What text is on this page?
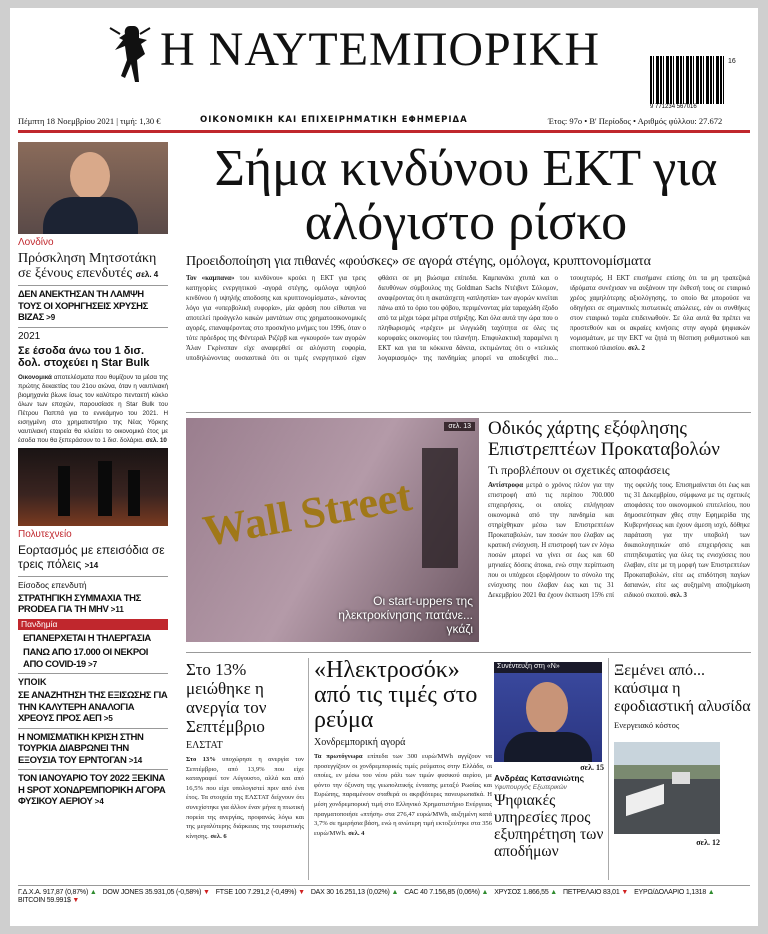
Η ΝΑΥΤΕΜΠΟΡΙΚΗ
9 771234 567016
16
Πέμπτη 18 Νοεμβρίου 2021 | τιμή: 1,30 €	ΟΙΚΟΝΟΜΙΚΗ ΚΑΙ ΕΠΙΧΕΙΡΗΜΑΤΙΚΗ ΕΦΗΜΕΡΙΔΑ	Έτος: 97ο • Β' Περίοδος • Αριθμός φύλλου: 27.672
Λονδίνο
Πρόσκληση Μητσοτάκη σε ξένους επενδυτές σελ. 4
ΔΕΝ ΑΝΕΚΤΗΣΑΝ ΤΗ ΛΑΜΨΗ ΤΟΥΣ ΟΙ ΧΟΡΗΓΗΣΕΙΣ ΧΡΥΣΗΣ ΒΙΖΑΣ >9
2021
Σε έσοδα άνω του 1 δισ. δολ. στοχεύει η Star Bulk
Οικονομικά αποτελέσματα που θυμίζουν τα μέσα της πρώτης δεκαετίας του 21ου αιώνα, όταν η ναυτιλιακή βιομηχανία βίωνε ίσως τον καλύτερο πενταετή κύκλο όλων των εποχών, παρουσίασε η Star Bulk του Πέτρου Παππά για το εννεάμηνο του 2021. Η εισηγμένη στο χρηματιστήριο της Νέας Υόρκης ναυτιλιακή εταιρεία θα κλείσει το οικονομικό έτος με έσοδα που θα ξεπεράσουν το 1 δισ. δολάρια. σελ. 10
Πολυτεχνείο
Εορτασμός με επεισόδια σε τρεις πόλεις >14
Είσοδος επενδυτή
ΣΤΡΑΤΗΓΙΚΗ ΣΥΜΜΑΧΙΑ ΤΗΣ PRODEA ΓΙΑ ΤΗ MHV >11
Πανδημία
ΕΠΑΝΕΡΧΕΤΑΙ Η ΤΗΛΕΡΓΑΣΙΑ
ΠΑΝΩ ΑΠΟ 17.000 ΟΙ ΝΕΚΡΟΙ ΑΠΟ COVID-19 >7
ΥΠΟΙΚ
ΣΕ ΑΝΑΖΗΤΗΣΗ ΤΗΣ ΕΞΙΣΩΣΗΣ ΓΙΑ ΤΗΝ ΚΑΛΥΤΕΡΗ ΑΝΑΛΟΓΙΑ ΧΡΕΟΥΣ ΠΡΟΣ ΑΕΠ >5
Η ΝΟΜΙΣΜΑΤΙΚΗ ΚΡΙΣΗ ΣΤΗΝ ΤΟΥΡΚΙΑ ΔΙΑΒΡΩΝΕΙ ΤΗΝ ΕΞΟΥΣΙΑ ΤΟΥ ΕΡΝΤΟΓΑΝ >14
ΤΟΝ ΙΑΝΟΥΑΡΙΟ ΤΟΥ 2022 ΞΕΚΙΝΑ Η SPOT ΧΟΝΔΡΕΜΠΟΡΙΚΗ ΑΓΟΡΑ ΦΥΣΙΚΟΥ ΑΕΡΙΟΥ >4
Σήμα κινδύνου ΕΚΤ για αλόγιστο ρίσκο
Προειδοποίηση για πιθανές «φούσκες» σε αγορά στέγης, ομόλογα, κρυπτονομίσματα
Τον «καμπανα» του κινδύνου» κρούει η ΕΚΤ για τρεις κατηγορίες ενεργητικού -αγορά στέγης, ομόλογα υψηλού κινδύνου ή υψηλής αποδοσης και κρυπτονομίσματα-, κάνοντας λόγο για «υπερβολική ευφορία», μία φράση που είθισται να αποτελεί προάγγελο κακών μαντάτων στις χρηματοοικονομικές αγορές, επαναφέροντας στο προσκήνιο μνήμες του 1996, όταν ο τότε πρόεδρος της Φέντεραλ Ριζέρβ και «γκουρού» των αγορών Άλαν Γκρίνσπαν είχε αναφερθεί σε αλόγιστη ευφορία, υποδηλώνοντας ουσιαστικά ότι οι τιμές ενεργητικού είχαν φθάσει σε μη βιώσιμα επίπεδα. Καμπανάκι χτυπά και ο διευθύνων σύμβουλος της Goldman Sachs Ντέιβιντ Σόλομον, αναφέροντας ότι η ακατάσχετη «απληστία» των αγορών κινείται πάνω από το όριο του φόβου, περιμένοντας μία ταραχώδη έξοδο από τα μέχρι τώρα μέτρα στήριξης. Και όλα αυτά την ώρα που ο πληθωρισμός «τρέχει» με ιλιγγιώδη ταχύτητα σε όλες τις κορυφαίες οικονομίες του πλανήτη. Επιφυλακτική παραμένει η ΕΚΤ και για τα κόκκινα δάνεια, εκτιμώντας ότι ο «τελικός λογαριασμός» της πανδημίας μπορεί να αποδειχθεί πιο... τσουχτερός. Η ΕΚΤ επισήμανε επίσης ότι τα μη τραπεζικά ιδρύματα συνέχισαν να αυξάνουν την έκθεσή τους σε εταιρικό χρέος χαμηλότερης αξιολόγησης, το οποίο θα μπορούσε να οδηγήσει σε σημαντικές πιστωτικές απώλειες, εάν οι συνθήκες στον εταιρικό τομέα επιδεινωθούν. Σε όλα αυτά θα πρέπει να προστεθούν και οι ακραίες κινήσεις στην αγορά ψηφιακών νομισμάτων, με την ΕΚΤ να ζητά τη θέσπιση ρυθμιστικού και εποπτικού πλαισίου. σελ. 2
Wall Street
σελ. 13
Οι start-uppers της ηλεκτροκίνησης πατάνε... γκάζι
Οδικός χάρτης εξόφλησης Επιστρεπτέων Προκαταβολών
Τι προβλέπουν οι σχετικές αποφάσεις
Αντίστροφα μετρά ο χρόνος πλέον για την επιστροφή από τις περίπου 700.000 επιχειρήσεις, οι οποίες επλήγησαν οικονομικά από την πανδημία και στηρίχθηκαν μέσω των Επιστρεπτέων Προκαταβολών, των ποσών που έλαβαν ως κρατική ενίσχυση. Η επιστροφή των εν λόγω ποσών μπορεί να γίνει σε έως και 60 μηνιαίες δόσεις άτοκα, ενώ στην περίπτωση που οι υπόχρεοι εξοφλήσουν το σύνολο της ενίσχυσης που έλαβαν έως και τις 31 Δεκεμβρίου 2021 θα έχουν έκπτωση 15% επί της οφειλής τους. Επισημαίνεται ότι έως και τις 31 Δεκεμβρίου, σύμφωνα με τις σχετικές αποφάσεις του οικονομικού επιτελείου, που δημοσιεύτηκαν χθες στην Εφημερίδα της Κυβερνήσεως και έχουν άμεση ισχύ, δόθηκε παράταση για την υποβολή των δικαιολογητικών από επιχειρήσεις και επιτηδευματίες για όλες τις ενισχύσεις που έλαβαν, είτε με τη μορφή των Επιστρεπτέων Προκαταβολών, είτε ως επιδότηση παγίων δαπανών, είτε ως αυξημένη αποζημίωση ειδικού σκοπού. σελ. 3
Στο 13% μειώθηκε η ανεργία τον Σεπτέμβριο
ΕΛΣΤΑΤ
Στο 13% υποχώρησε η ανεργία τον Σεπτέμβριο, από 13,9% που είχε καταγραφεί τον Αύγουστο, αλλά και από 16,5% που είχε υπολογιστεί πριν από ένα έτος. Τα στοιχεία της ΕΛΣΤΑΤ δείχνουν ότι συνεχίστηκε για άλλον έναν μήνα η πτωτική πορεία της ανεργίας, προφανώς λόγω και της μεγαλύτερης διάρκειας της τουριστικής κίνησης. σελ. 6
«Ηλεκτροσόκ» από τις τιμές στο ρεύμα
Χονδρεμπορική αγορά
Τα πρωτόγνωρα επίπεδα των 300 ευρώ/MWh αγγίζουν να προσεγγίζουν οι χονδρεμπορικές τιμές ρεύματος στην Ελλάδα, οι οποίες, εν μέσω του νέου ράλι των τιμών φυσικού αερίου, με φόντο την όξυνση της γεωπολιτικής έντασης μεταξύ Ρωσίας και Ευρώπης, παραμένουν σταθερά οι ακριβότερες πανευρωπαϊκά. Η μέση χονδρεμπορική τιμή στο Ελληνικό Χρηματιστήριο Ενέργειας πραγματοποιήσε «πτήση» στα 276,47 ευρώ/MWh, αυξημένη κατά 3,7% σε ημερήσια βάση, ενώ η ανώτερη τιμή εκτοξεύτηκε στα 356 ευρώ/MWh. σελ. 4
Συνέντευξη στη «Ν»
σελ. 15
Ανδρέας Κατσανιώτης
Υφυπουργός Εξωτερικών
Ψηφιακές υπηρεσίες προς εξυπηρέτηση των αποδήμων
Ξεμένει από... καύσιμα η εφοδιαστική αλυσίδα
Ενεργειακό κόστος
σελ. 12
Γ.Δ.Χ.Α. 917,87 (0,87%) ▲ DOW JONES 35.931,05 (-0,58%) ▼ FTSE 100 7.291,2 (-0,49%) ▼ DAX 30 16.251,13 (0,02%) ▲ CAC 40 7.156,85 (0,06%) ▲ ΧΡΥΣΟΣ 1.866,55 ▲ ΠΕΤΡΕΛΑΙΟ 83,01 ▼ ΕΥΡΩ/ΔΟΛΑΡΙΟ 1,1318 ▲
BITCOIN 59.991$ ▼
